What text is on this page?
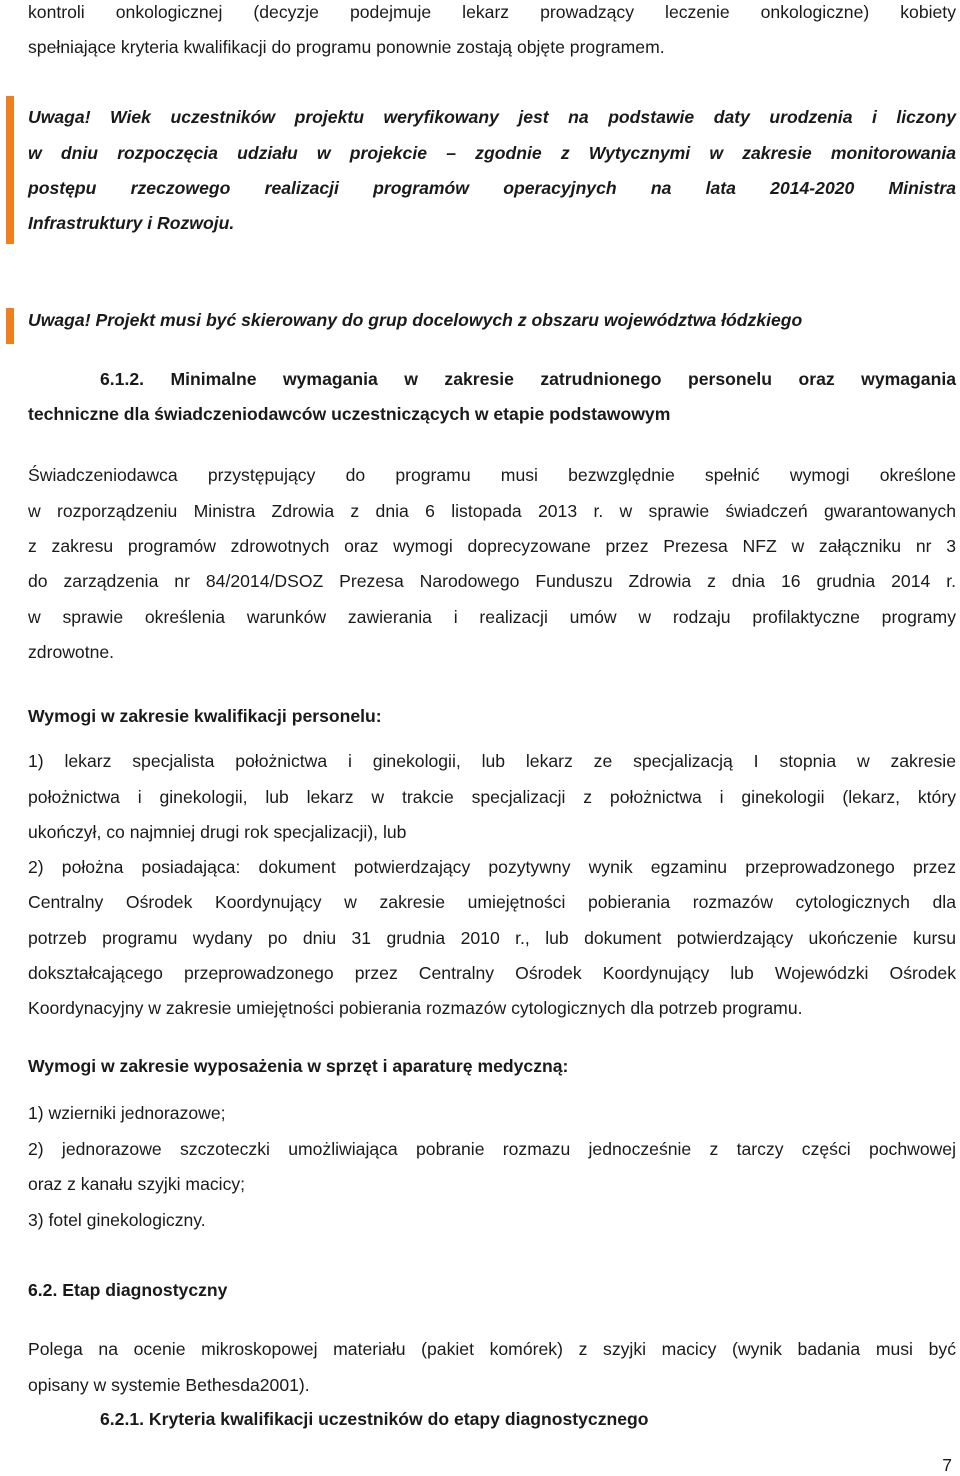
kontroli onkologicznej (decyzje podejmuje lekarz prowadzący leczenie onkologiczne) kobiety
spełniające kryteria kwalifikacji do programu ponownie zostają objęte programem.
Uwaga! Wiek uczestników projektu weryfikowany jest na podstawie daty urodzenia i liczony
w dniu rozpoczęcia udziału w projekcie – zgodnie z Wytycznymi w zakresie monitorowania
postępu rzeczowego realizacji programów operacyjnych na lata 2014-2020 Ministra
Infrastruktury i Rozwoju.
Uwaga! Projekt musi być skierowany do grup docelowych z obszaru województwa łódzkiego
6.1.2. Minimalne wymagania w zakresie zatrudnionego personelu oraz wymagania
techniczne dla świadczeniodawców uczestniczących w etapie podstawowym
Świadczeniodawca przystępujący do programu musi bezwzględnie spełnić wymogi określone
w rozporządzeniu Ministra Zdrowia z dnia 6 listopada 2013 r. w sprawie świadczeń gwarantowanych
z zakresu programów zdrowotnych oraz wymogi doprecyzowane przez Prezesa NFZ w załączniku nr 3
do zarządzenia nr 84/2014/DSOZ Prezesa Narodowego Funduszu Zdrowia z dnia 16 grudnia 2014 r.
w sprawie określenia warunków zawierania i realizacji umów w rodzaju profilaktyczne programy
zdrowotne.
Wymogi w zakresie kwalifikacji personelu:
1) lekarz specjalista położnictwa i ginekologii, lub lekarz ze specjalizacją I stopnia w zakresie
położnictwa i ginekologii, lub lekarz w trakcie specjalizacji z położnictwa i ginekologii (lekarz, który
ukończył, co najmniej drugi rok specjalizacji), lub
2) położna posiadająca: dokument potwierdzający pozytywny wynik egzaminu przeprowadzonego przez
Centralny Ośrodek Koordynujący w zakresie umiejętności pobierania rozmazów cytologicznych dla
potrzeb programu wydany po dniu 31 grudnia 2010 r., lub dokument potwierdzający ukończenie kursu
dokształcającego przeprowadzonego przez Centralny Ośrodek Koordynujący lub Wojewódzki Ośrodek
Koordynacyjny w zakresie umiejętności pobierania rozmazów cytologicznych dla potrzeb programu.
Wymogi w zakresie wyposażenia w sprzęt i aparaturę medyczną:
1) wzierniki jednorazowe;
2) jednorazowe szczoteczki umożliwiająca pobranie rozmazu jednocześnie z tarczy części pochwowej
oraz z kanału szyjki macicy;
3) fotel ginekologiczny.
6.2. Etap diagnostyczny
Polega na ocenie mikroskopowej materiału (pakiet komórek) z szyjki macicy (wynik badania musi być
opisany w systemie Bethesda2001).
6.2.1. Kryteria kwalifikacji uczestników do etapy diagnostycznego
7
